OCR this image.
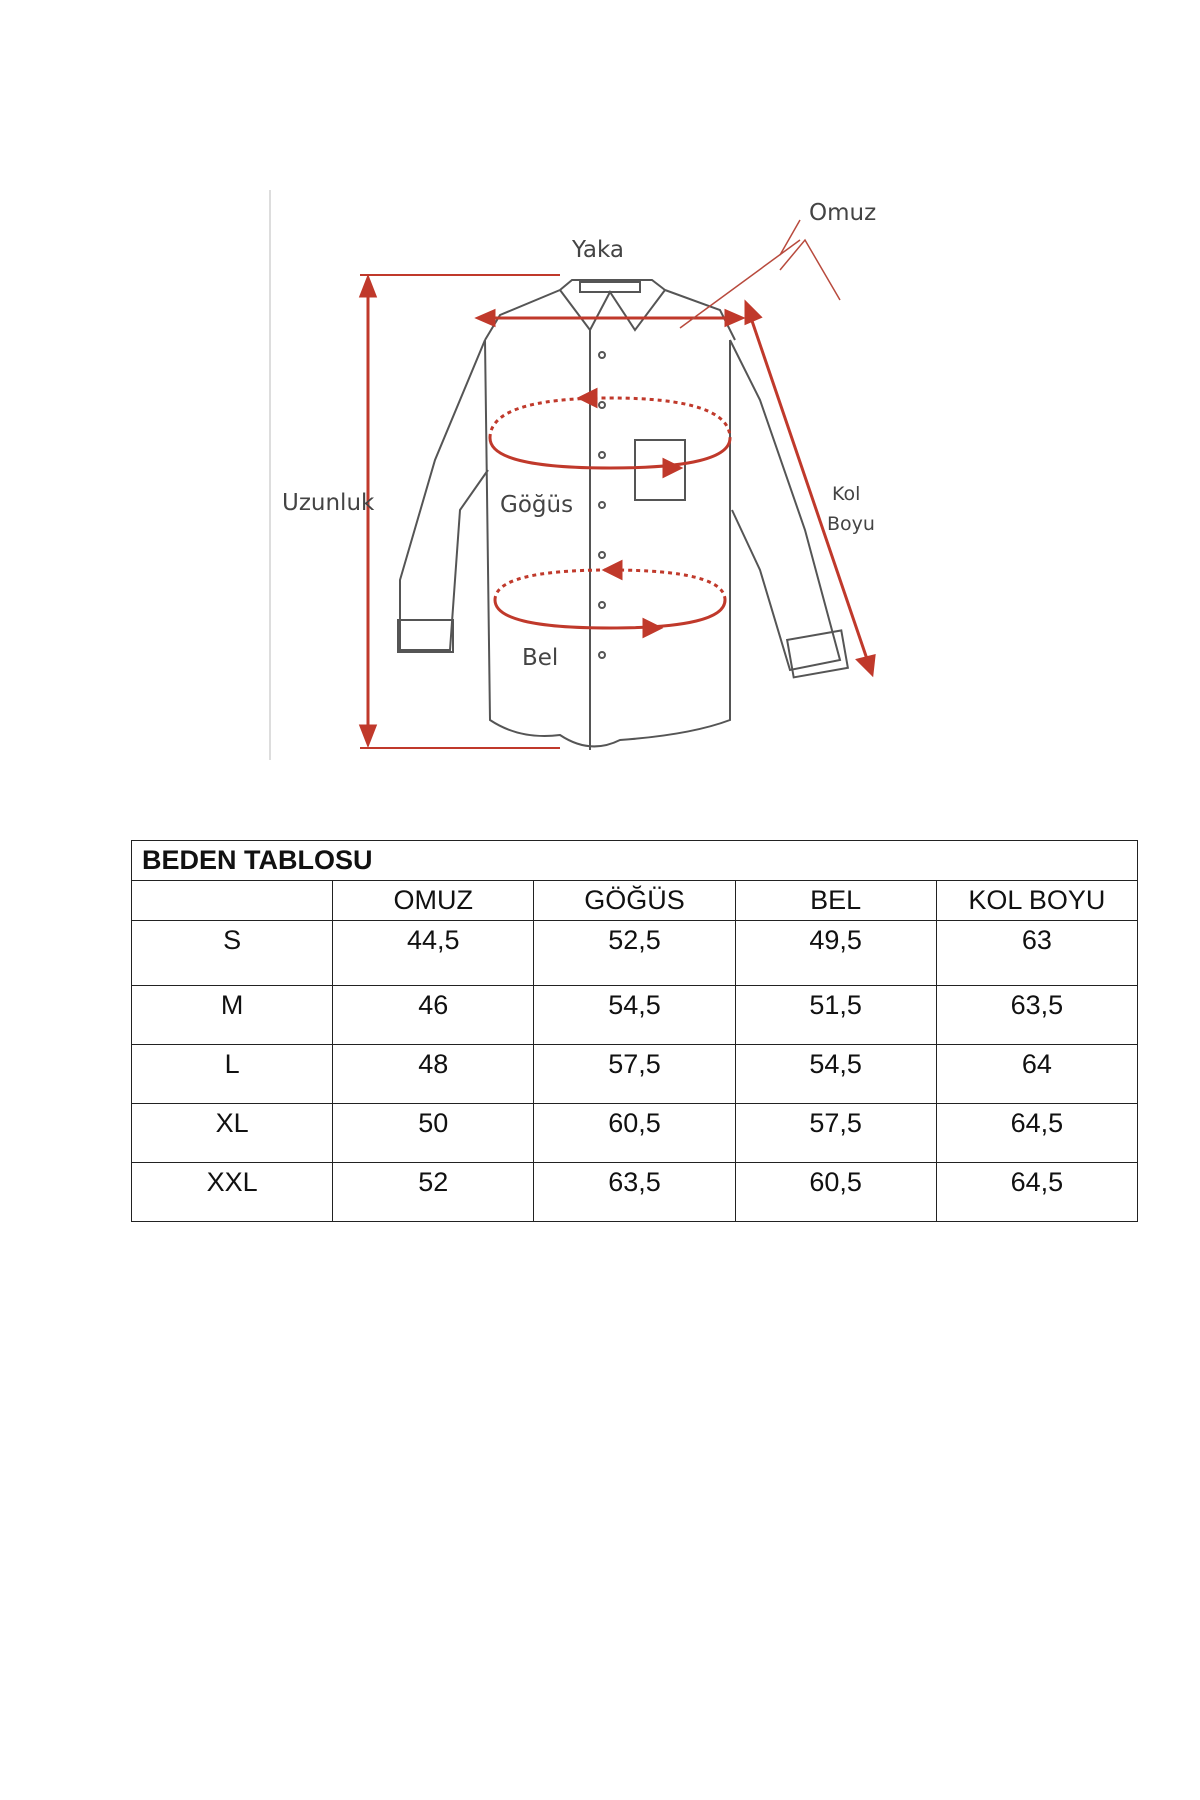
Omuz
Yaka
Uzunluk	Göğüs
Bel
Kol
Boyu
BEDEN TABLOSU				
	OMUZ	GÖĞÜS	BEL	KOL BOYU
S	44,5	52,5	49,5	63
M	46	54,5	51,5	63,5
L	48	57,5	54,5	64
XL	50	60,5	57,5	64,5
XXL	52	63,5	60,5	64,5
